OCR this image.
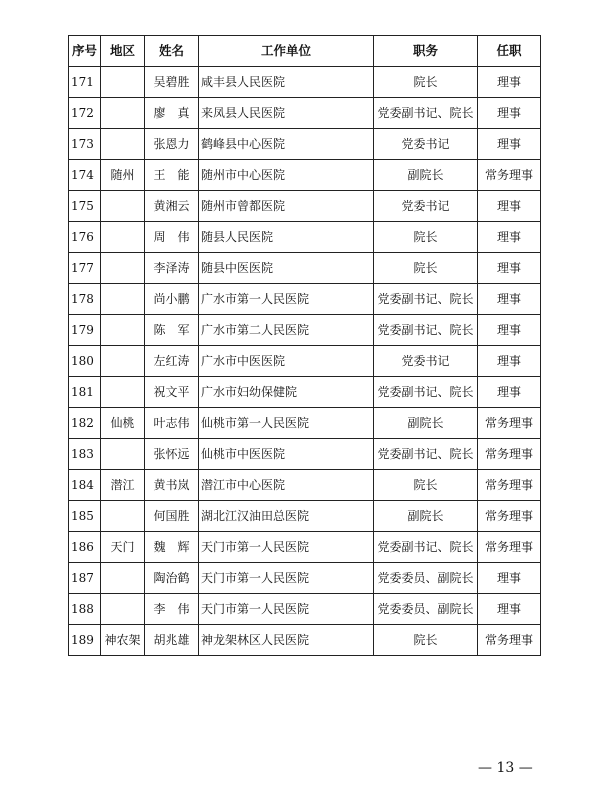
序号	地区	姓名	工作单位	职务	任职
171		吴碧胜	咸丰县人民医院	院长	理事
172		廖　真	来凤县人民医院	党委副书记、院长	理事
173		张恩力	鹤峰县中心医院	党委书记	理事
174	随州	王　能	随州市中心医院	副院长	常务理事
175		黄湘云	随州市曾都医院	党委书记	理事
176		周　伟	随县人民医院	院长	理事
177		李泽涛	随县中医医院	院长	理事
178		尚小鹏	广水市第一人民医院	党委副书记、院长	理事
179		陈　军	广水市第二人民医院	党委副书记、院长	理事
180		左红涛	广水市中医医院	党委书记	理事
181		祝文平	广水市妇幼保健院	党委副书记、院长	理事
182	仙桃	叶志伟	仙桃市第一人民医院	副院长	常务理事
183		张怀远	仙桃市中医医院	党委副书记、院长	常务理事
184	潜江	黄书岚	潜江市中心医院	院长	常务理事
185		何国胜	湖北江汉油田总医院	副院长	常务理事
186	天门	魏　辉	天门市第一人民医院	党委副书记、院长	常务理事
187		陶治鹤	天门市第一人民医院	党委委员、副院长	理事
188		李　伟	天门市第一人民医院	党委委员、副院长	理事
189	神农架	胡兆雄	神龙架林区人民医院	院长	常务理事
— 13 —
